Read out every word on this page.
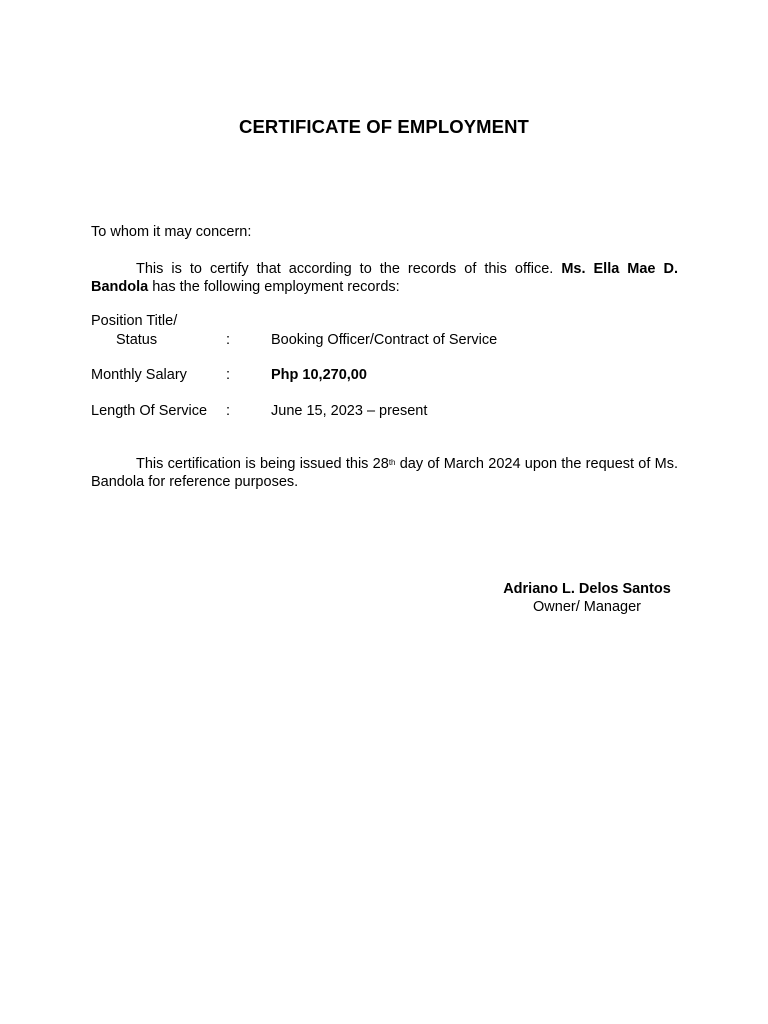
CERTIFICATE OF EMPLOYMENT
To whom it may concern:
This is to certify that according to the records of this office. Ms. Ella Mae D. Bandola has the following employment records:
Position Title/
Status	:	Booking Officer/Contract of Service
Monthly Salary	:	Php 10,270,00
Length Of Service :	June 15, 2023 – present
This certification is being issued this 28th day of March 2024 upon the request of Ms. Bandola for reference purposes.
Adriano L. Delos Santos
Owner/ Manager
